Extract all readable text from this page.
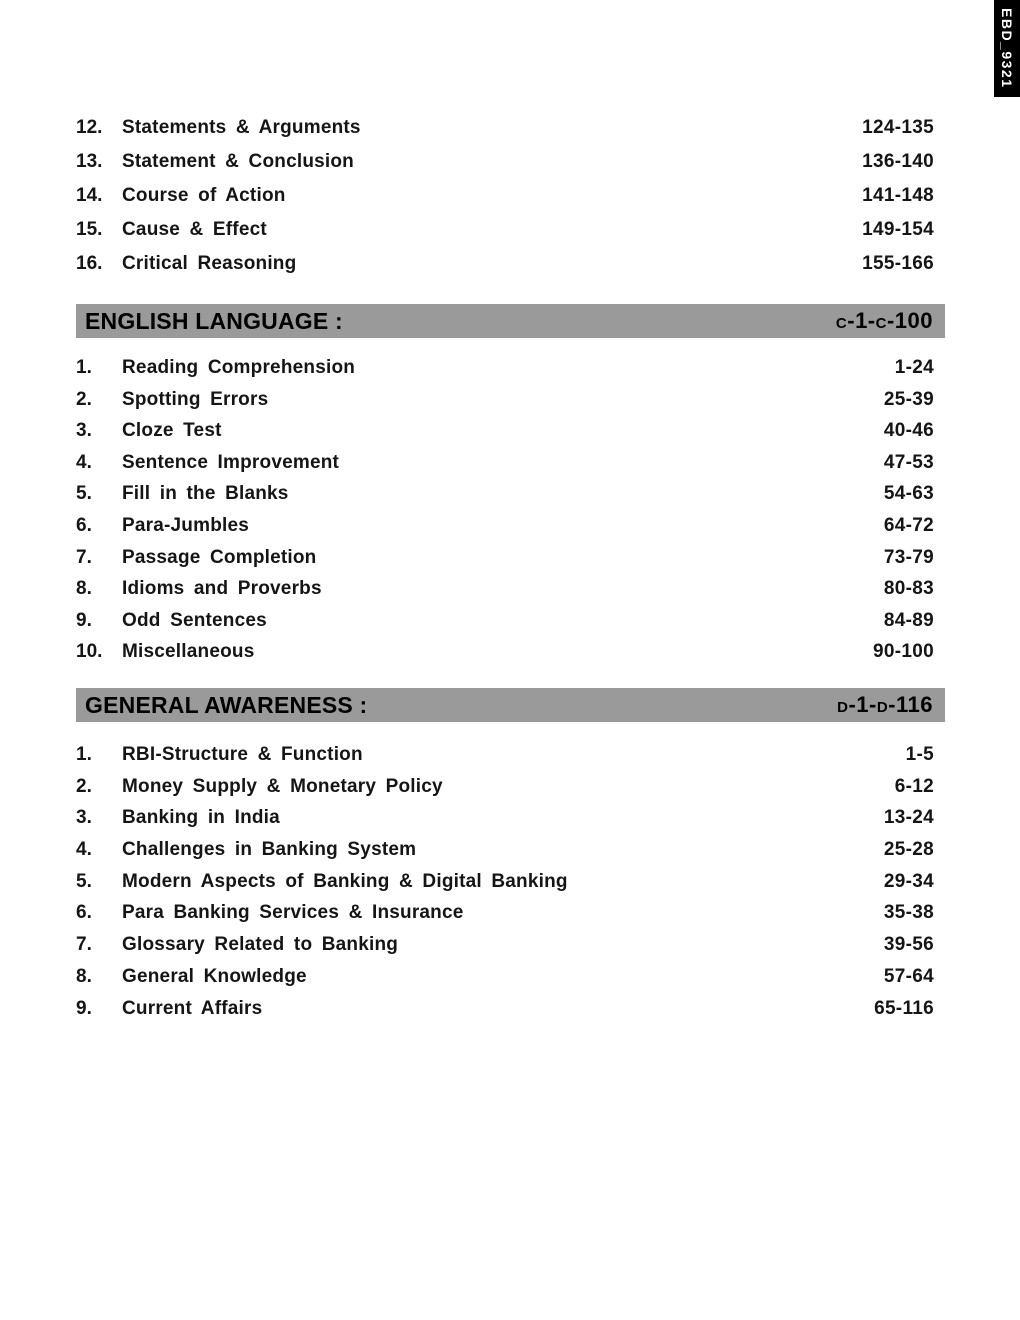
EBD_9321
12.	Statements & Arguments	124-135
13.	Statement & Conclusion	136-140
14.	Course of Action	141-148
15.	Cause & Effect	149-154
16.	Critical Reasoning	155-166
ENGLISH LANGUAGE :	c-1-c-100
1.	Reading Comprehension	1-24
2.	Spotting Errors	25-39
3.	Cloze Test	40-46
4.	Sentence Improvement	47-53
5.	Fill in the Blanks	54-63
6.	Para-Jumbles	64-72
7.	Passage Completion	73-79
8.	Idioms and Proverbs	80-83
9.	Odd Sentences	84-89
10.	Miscellaneous	90-100
GENERAL AWARENESS :	d-1-d-116
1.	RBI-Structure & Function	1-5
2.	Money Supply & Monetary Policy	6-12
3.	Banking in India	13-24
4.	Challenges in Banking System	25-28
5.	Modern Aspects of Banking & Digital Banking	29-34
6.	Para Banking Services & Insurance	35-38
7.	Glossary Related to Banking	39-56
8.	General Knowledge	57-64
9.	Current Affairs	65-116
